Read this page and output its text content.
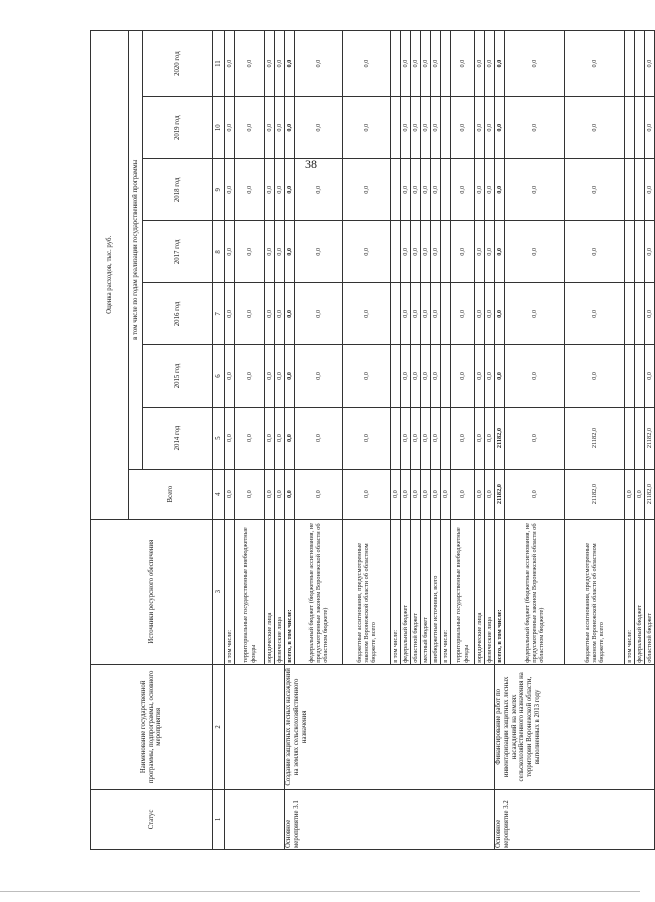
38
Статус	Наименование государственной программы, подпрограммы, основного мероприятия	Источники ресурсного обеспечения	Оценка расходов, тыс. руб.							
			Всего	в том числе по годам реализации государственной программы						
				2014 год	2015 год	2016 год	2017 год	2018 год	2019 год	2020 год
1	2	3	4	5	6	7	8	9	10	11
		в том числе:	0,0	0,0	0,0	0,0	0,0	0,0	0,0	0,0
		территориальные государственные внебюджетные фонды	0,0	0,0	0,0	0,0	0,0	0,0	0,0	0,0
		юридические лица	0,0	0,0	0,0	0,0	0,0	0,0	0,0	0,0
		физические лица	0,0	0,0	0,0	0,0	0,0	0,0	0,0	0,0
Основное мероприятие 3.1	Создание защитных лесных насаждений на землях сельскохозяйственного назначения	всего, в том числе:	0,0	0,0	0,0	0,0	0,0	0,0	0,0	0,0
		федеральный бюджет (бюджетные ассигнования, не предусмотренные законом Воронежской области об областном бюджете)	0,0	0,0	0,0	0,0	0,0	0,0	0,0	0,0
		бюджетные ассигнования, предусмотренные законом Воронежской области об областном бюджете, всего	0,0	0,0	0,0	0,0	0,0	0,0	0,0	0,0
		в том числе:	0,0							
		федеральный бюджет	0,0	0,0	0,0	0,0	0,0	0,0	0,0	0,0
		областной бюджет	0,0	0,0	0,0	0,0	0,0	0,0	0,0	0,0
		местный бюджет	0,0	0,0	0,0	0,0	0,0	0,0	0,0	0,0
		внебюджетные источники, всего	0,0	0,0	0,0	0,0	0,0	0,0	0,0	0,0
		в том числе:	0,0							
		территориальные государственные внебюджетные фонды	0,0	0,0	0,0	0,0	0,0	0,0	0,0	0,0
		юридические лица	0,0	0,0	0,0	0,0	0,0	0,0	0,0	0,0
		физические лица	0,0	0,0	0,0	0,0	0,0	0,0	0,0	0,0
Основное мероприятие 3.2	Финансирование работ по инвентаризации защитных лесных насаждений на землях сельскохозяйственного назначения на территории Воронежской области, выполненных в 2013 году	всего, в том числе:	21182,0	21182,0	0,0	0,0	0,0	0,0	0,0	0,0
		федеральный бюджет (бюджетные ассигнования, не предусмотренные законом Воронежской области об областном бюджете)	0,0	0,0	0,0	0,0	0,0	0,0	0,0	0,0
		бюджетные ассигнования, предусмотренные законом Воронежской области об областном бюджете, всего	21182,0	21182,0	0,0	0,0	0,0	0,0	0,0	0,0
		в том числе:	0,0							
		федеральный бюджет	0,0							
		областной бюджет	21182,0	21182,0	0,0	0,0	0,0	0,0	0,0	0,0
